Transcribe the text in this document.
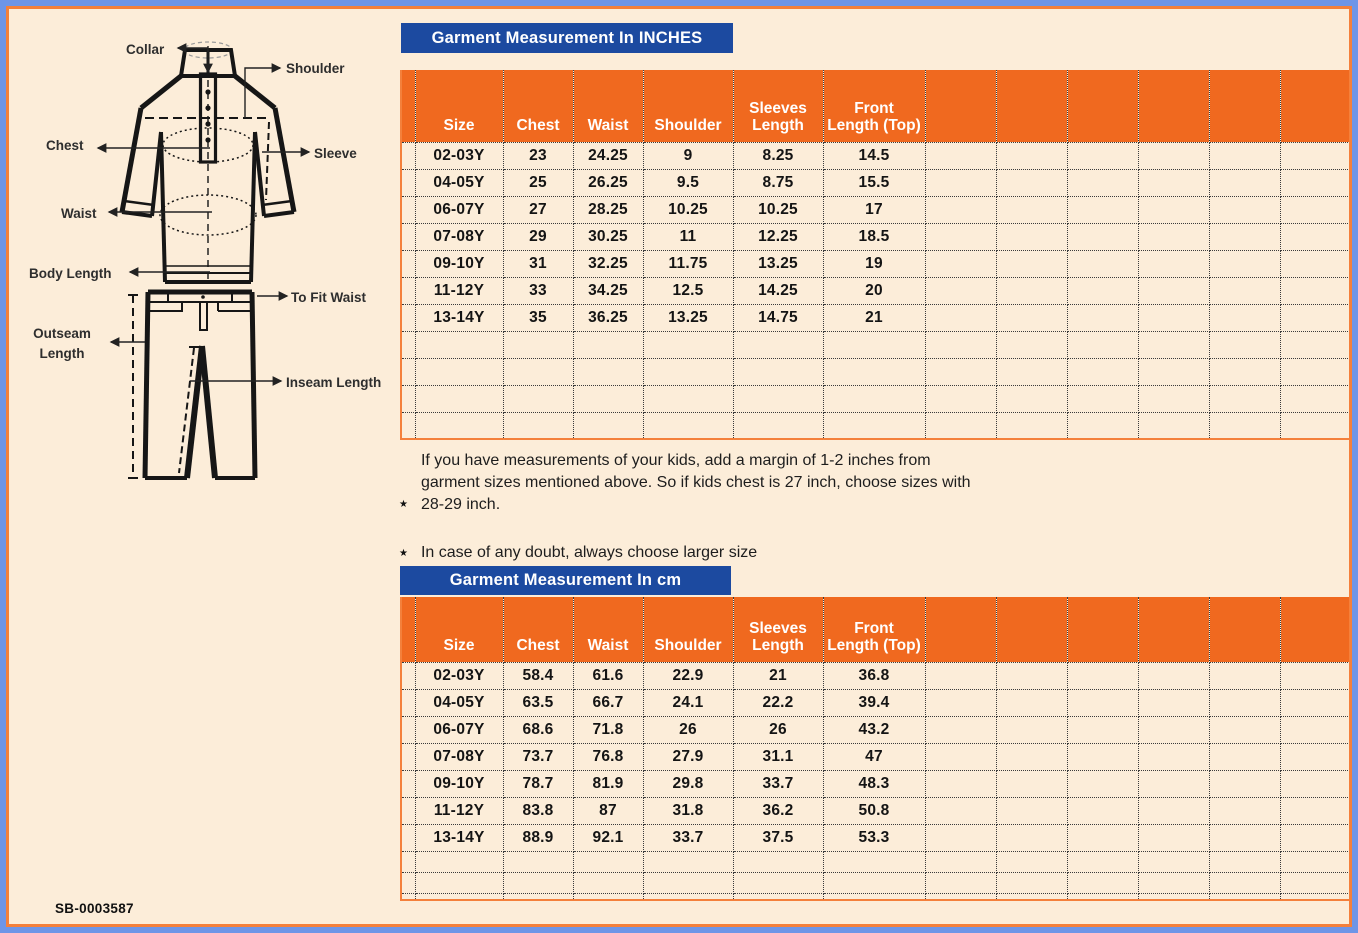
Collar
Shoulder
Chest
Sleeve
Waist
Body Length
To Fit Waist
Outseam Length
Inseam Length
Garment Measurement In INCHES
	Size	Chest	Waist	Shoulder	Sleeves Length	Front Length (Top)						
	02-03Y	23	24.25	9	8.25	14.5						
	04-05Y	25	26.25	9.5	8.75	15.5						
	06-07Y	27	28.25	10.25	10.25	17						
	07-08Y	29	30.25	11	12.25	18.5						
	09-10Y	31	32.25	11.75	13.25	19						
	11-12Y	33	34.25	12.5	14.25	20						
	13-14Y	35	36.25	13.25	14.75	21						

★
If you have measurements of your kids, add a margin of 1-2 inches from garment sizes mentioned above. So if kids chest is 27 inch, choose sizes with 28-29 inch.
★ In case of any doubt, always choose larger size
Garment Measurement In cm
	Size	Chest	Waist	Shoulder	Sleeves Length	Front Length (Top)						
	02-03Y	58.4	61.6	22.9	21	36.8						
	04-05Y	63.5	66.7	24.1	22.2	39.4						
	06-07Y	68.6	71.8	26	26	43.2						
	07-08Y	73.7	76.8	27.9	31.1	47						
	09-10Y	78.7	81.9	29.8	33.7	48.3						
	11-12Y	83.8	87	31.8	36.2	50.8						
	13-14Y	88.9	92.1	33.7	37.5	53.3						

SB-0003587
